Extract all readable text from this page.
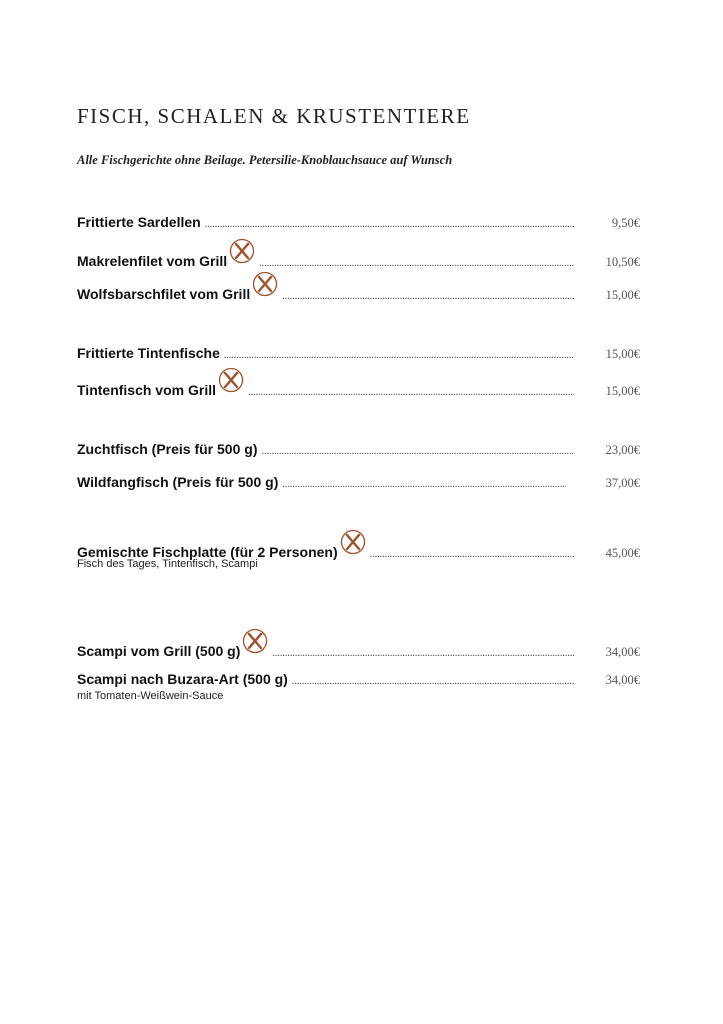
FISCH, SCHALEN & KRUSTENTIERE
Alle Fischgerichte ohne Beilage. Petersilie-Knoblauchsauce auf Wunsch
Frittierte Sardellen .....	9,50€
Makrelenfilet vom Grill .....	10,50€
Wolfsbarschfilet vom Grill .....	15,00€
Frittierte Tintenfische .....	15,00€
Tintenfisch vom Grill .....	15,00€
Zuchtfisch (Preis für 500 g) .....	23,00€
Wildfangfisch (Preis für 500 g) .....	37,00€
Gemischte Fischplatte (für 2 Personen) .....	45,00€
Fisch des Tages, Tintenfisch, Scampi
Scampi vom Grill (500 g) .....	34,00€
Scampi nach Buzara-Art (500 g) .....	34,00€
mit Tomaten-Weißwein-Sauce
